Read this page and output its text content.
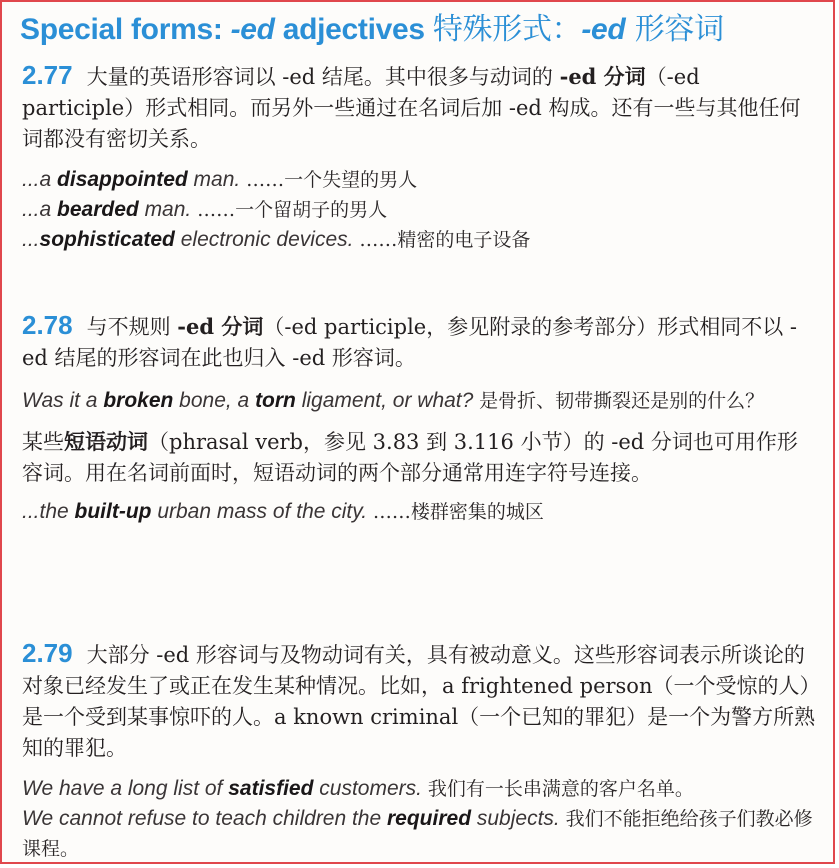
Special forms: -ed adjectives 特殊形式：-ed 形容词

2.77 大量的英语形容词以 -ed 结尾。其中很多与动词的 -ed 分词（-ed participle）形式相同。而另外一些通过在名词后加 -ed 构成。还有一些与其他任何词都没有密切关系。

...a disappointed man. ……一个失望的男人

...a bearded man. ……一个留胡子的男人

...sophisticated electronic devices. ……精密的电子设备

2.78 与不规则 -ed 分词（-ed participle，参见附录的参考部分）形式相同不以 -ed 结尾的形容词在此也归入 -ed 形容词。

Was it a broken bone, a torn ligament, or what? 是骨折、韧带撕裂还是别的什么？

某些短语动词（phrasal verb，参见 3.83 到 3.116 小节）的 -ed 分词也可用作形容词。用在名词前面时，短语动词的两个部分通常用连字符号连接。

...the built-up urban mass of the city. ……楼群密集的城区

2.79 大部分 -ed 形容词与及物动词有关，具有被动意义。这些形容词表示所谈论的对象已经发生了或正在发生某种情况。比如，a frightened person（一个受惊的人）是一个受到某事惊吓的人。a known criminal（一个已知的罪犯）是一个为警方所熟知的罪犯。

We have a long list of satisfied customers. 我们有一长串满意的客户名单。

We cannot refuse to teach children the required subjects. 我们不能拒绝给孩子们教必修课程。
